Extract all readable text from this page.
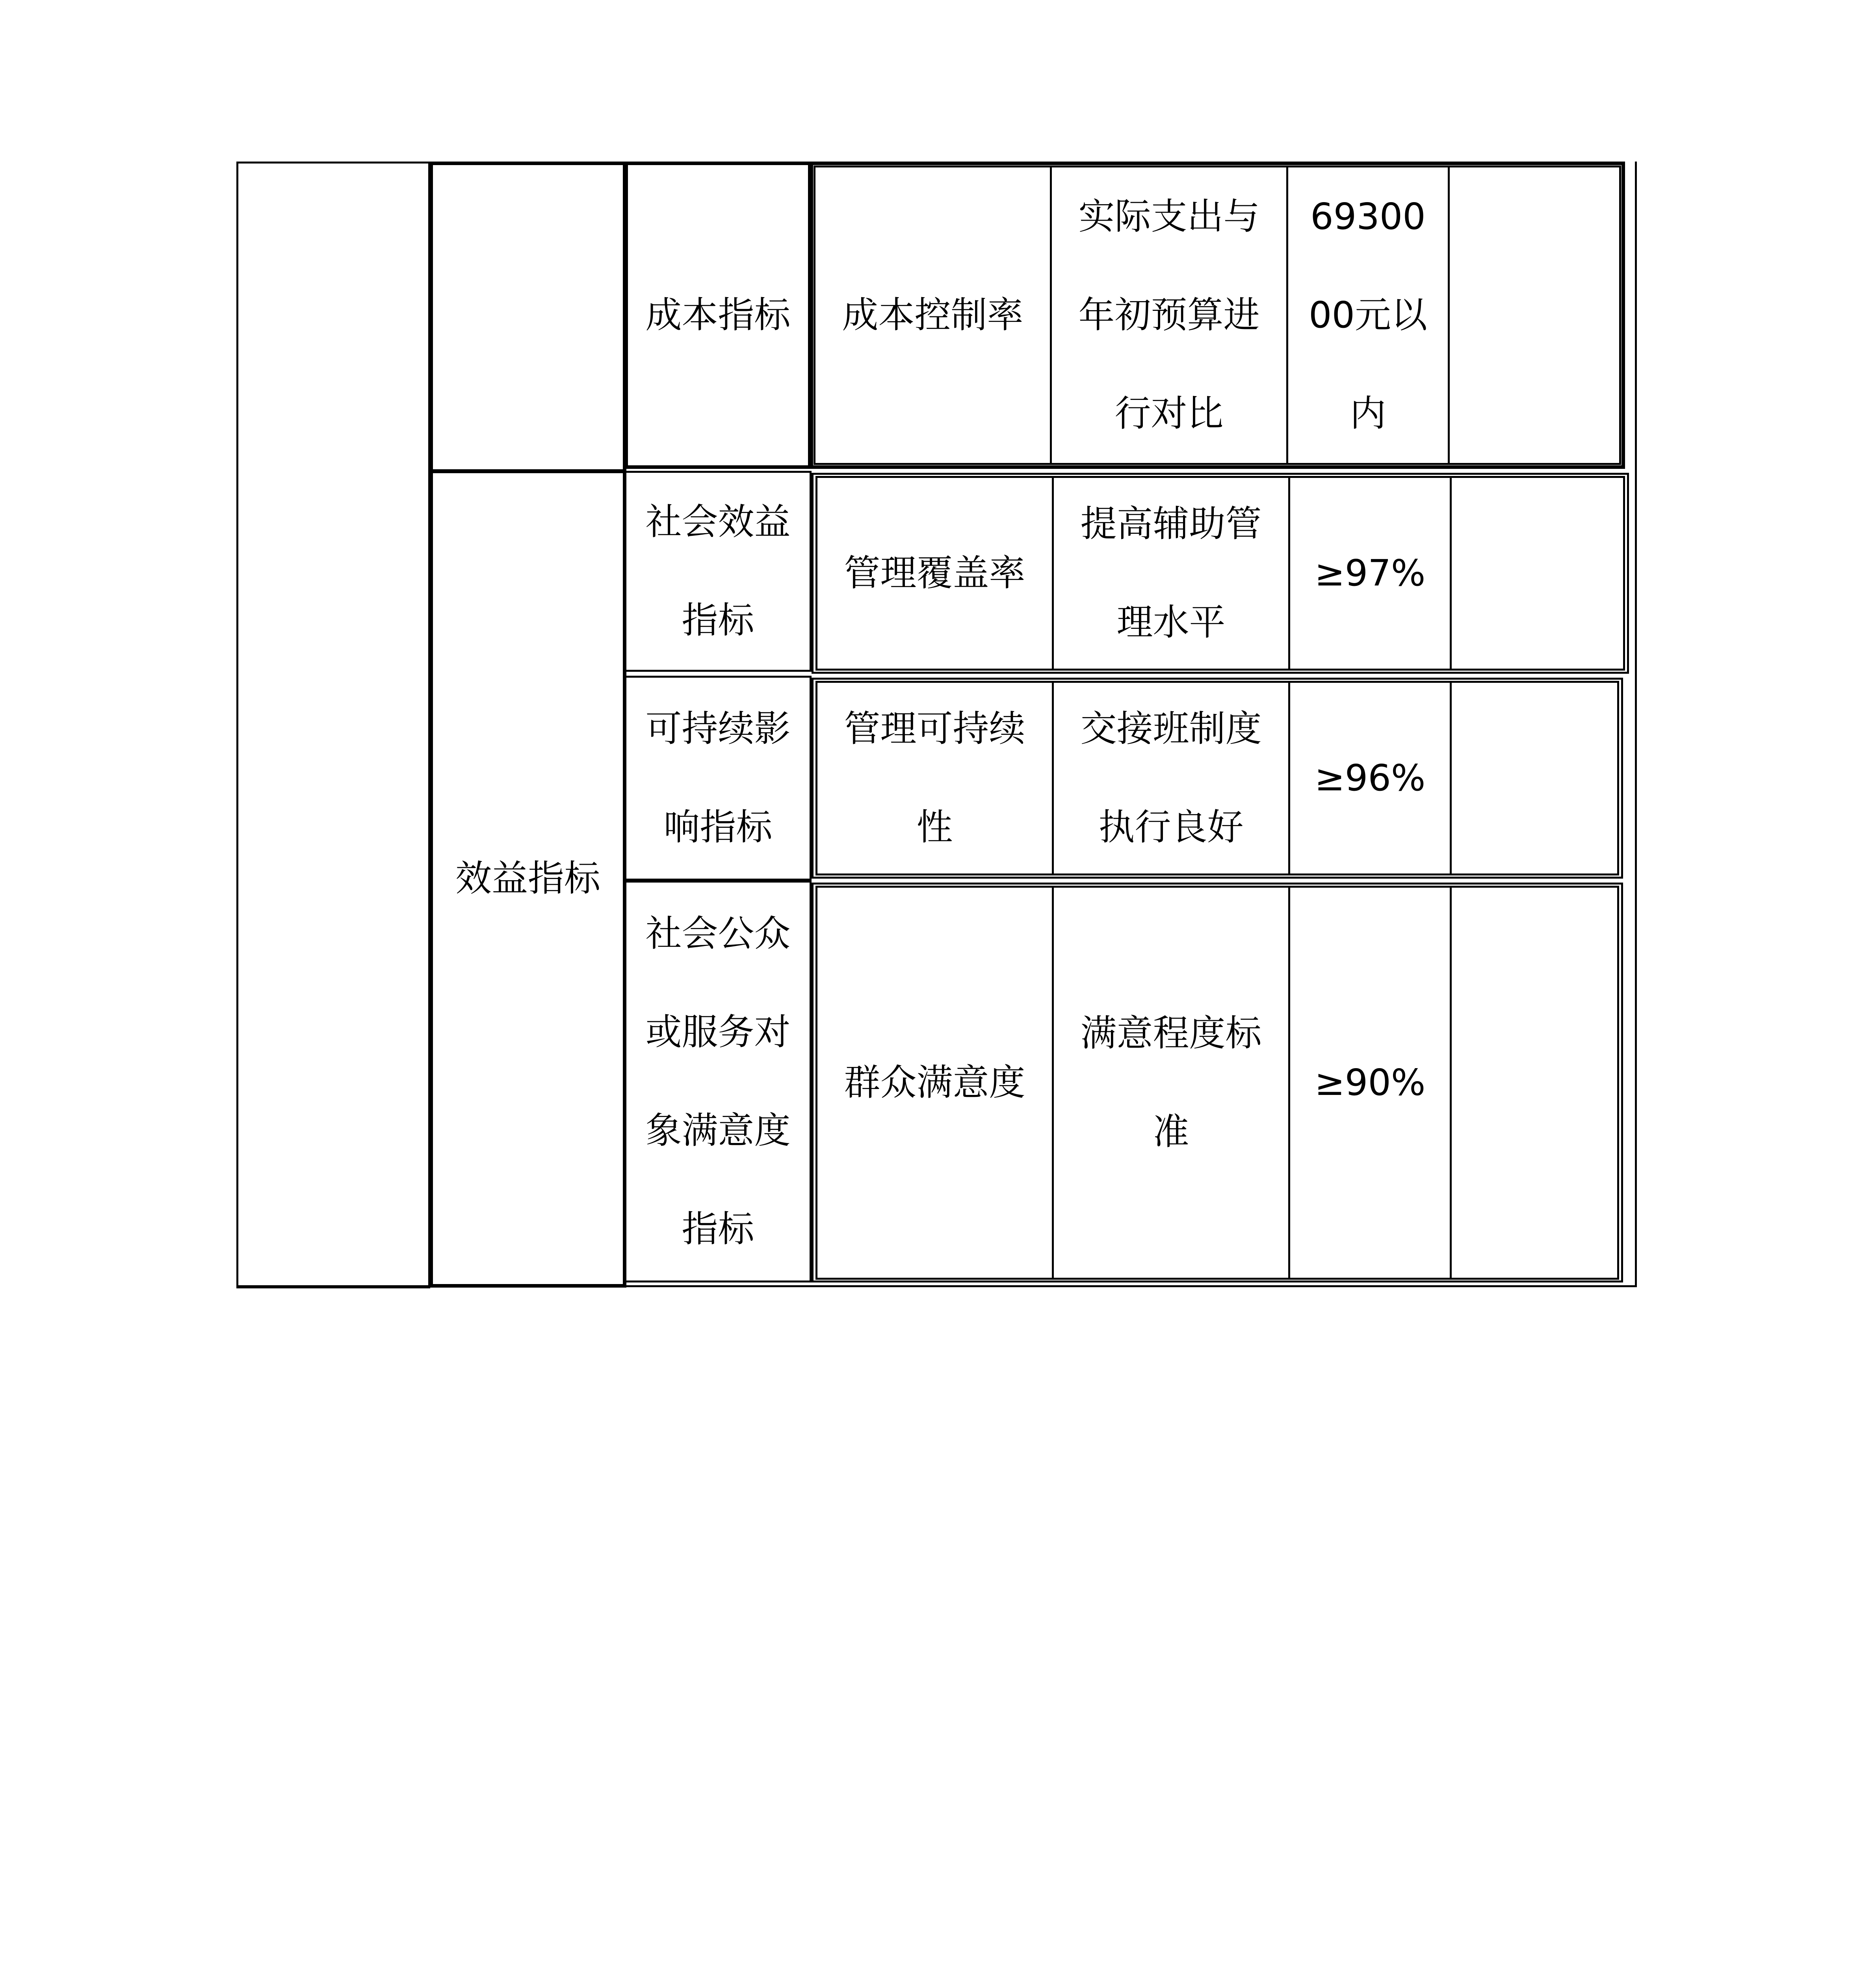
效益指标
成本指标	成本控制率
实际支出与年初预算进行对比
6930000元以内
社会效益指标
管理覆盖率
提高辅助管理水平
≥97%
可持续影响指标
管理可持续性
交接班制度执行良好
≥96%
社会公众或服务对象满意度指标
群众满意度
满意程度标准
≥90%
